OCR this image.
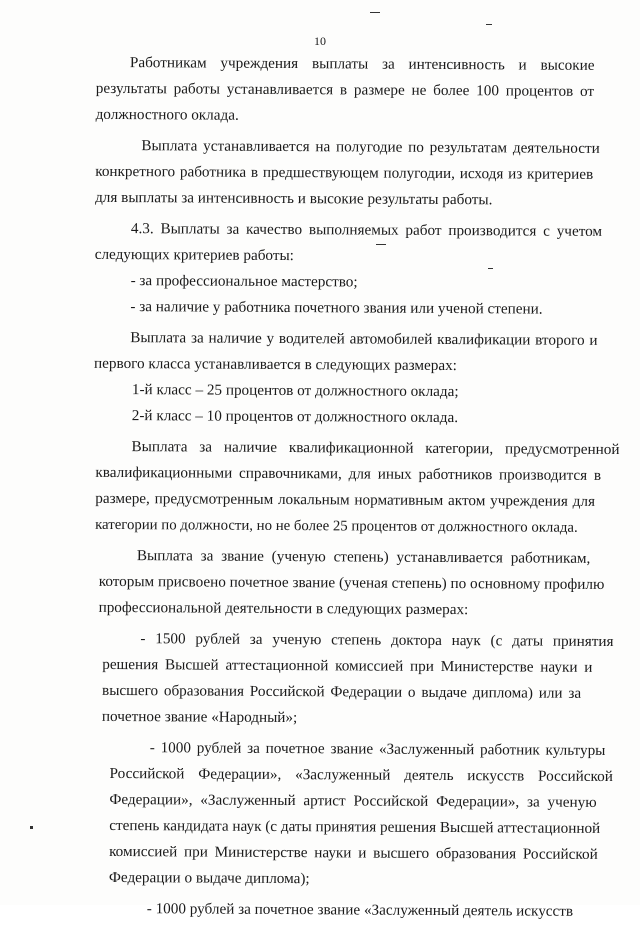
10
Работникам учреждения выплаты за интенсивность и высокие
результаты работы устанавливается в размере не более 100 процентов от
должностного оклада.
Выплата устанавливается на полугодие по результатам деятельности
конкретного работника в предшествующем полугодии, исходя из критериев
для выплаты за интенсивность и высокие результаты работы.
4.3. Выплаты за качество выполняемых работ производится с учетом
следующих критериев работы:
- за профессиональное мастерство;
- за наличие у работника почетного звания или ученой степени.
Выплата за наличие у водителей автомобилей квалификации второго и
первого класса устанавливается в следующих размерах:
1-й класс – 25 процентов от должностного оклада;
2-й класс – 10 процентов от должностного оклада.
Выплата за наличие квалификационной категории, предусмотренной
квалификационными справочниками, для иных работников производится в
размере, предусмотренным локальным нормативным актом учреждения для
категории по должности, но не более 25 процентов от должностного оклада.
Выплата за звание (ученую степень) устанавливается работникам,
которым присвоено почетное звание (ученая степень) по основному профилю
профессиональной деятельности в следующих размерах:
- 1500 рублей за ученую степень доктора наук (с даты принятия
решения Высшей аттестационной комиссией при Министерстве науки и
высшего образования Российской Федерации о выдаче диплома) или за
почетное звание «Народный»;
- 1000 рублей за почетное звание «Заслуженный работник культуры
Российской Федерации», «Заслуженный деятель искусств Российской
Федерации», «Заслуженный артист Российской Федерации», за ученую
степень кандидата наук (с даты принятия решения Высшей аттестационной
комиссией при Министерстве науки и высшего образования Российской
Федерации о выдаче диплома);
- 1000 рублей за почетное звание «Заслуженный деятель искусств
